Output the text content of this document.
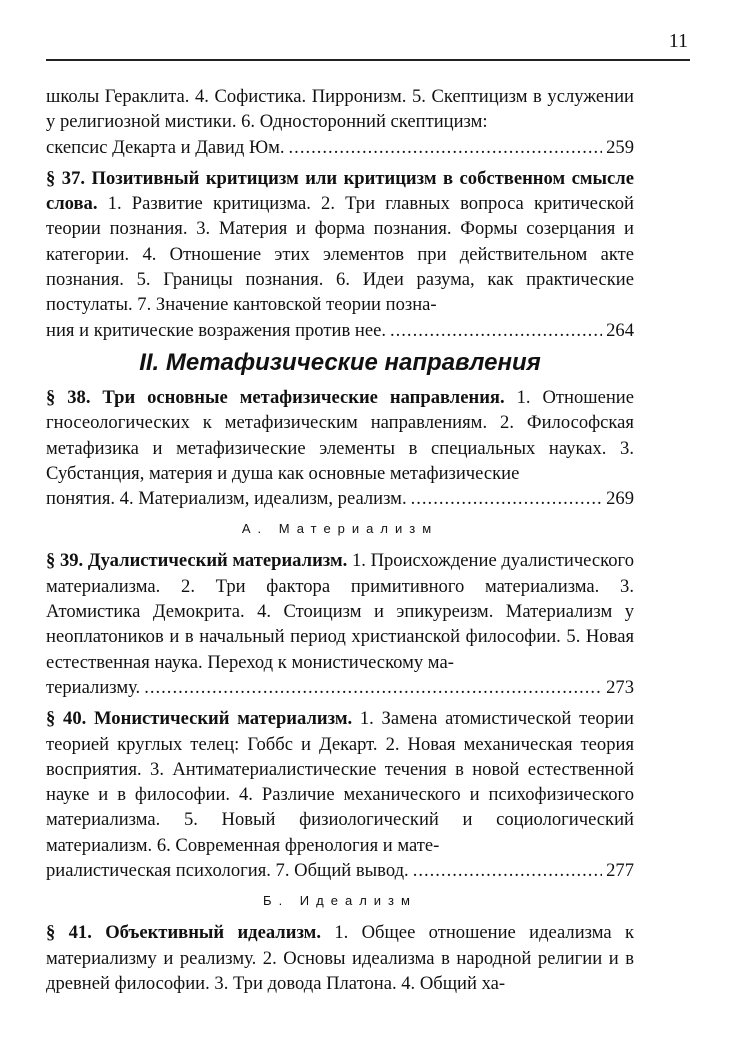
11
школы Гераклита. 4. Софистика. Пирронизм. 5. Скептицизм в услужении у религиозной мистики. 6. Односторонний скептицизм:
скепсис Декарта и Давид Юм. .....	259
§ 37. Позитивный критицизм или критицизм в собственном смысле слова. 1. Развитие критицизма. 2. Три главных вопроса критической теории познания. 3. Материя и форма познания. Формы созерцания и категории. 4. Отношение этих элементов при действительном акте познания. 5. Границы познания. 6. Идеи разума, как практические постулаты. 7. Значение кантовской теории позна-
ния и критические возражения против нее. .....	264
II. Метафизические направления
§ 38. Три основные метафизические направления. 1. Отношение гносеологических к метафизическим направлениям. 2. Философская метафизика и метафизические элементы в специальных науках. 3. Субстанция, материя и душа как основные метафизические
понятия. 4. Материализм, идеализм, реализм. .....	269
А. Материализм
§ 39. Дуалистический материализм. 1. Происхождение дуалистического материализма. 2. Три фактора примитивного материализма. 3. Атомистика Демокрита. 4. Стоицизм и эпикуреизм. Материализм у неоплатоников и в начальный период христианской философии. 5. Новая естественная наука. Переход к монистическому ма-
териализму. .....	273
§ 40. Монистический материализм. 1. Замена атомистической теории теорией круглых телец: Гоббс и Декарт. 2. Новая механическая теория восприятия. 3. Антиматериалистические течения в новой естественной науке и в философии. 4. Различие механического и психофизического материализма. 5. Новый физиологический и социологический материализм. 6. Современная френология и мате-
риалистическая психология. 7. Общий вывод. .....	277
Б. Идеализм
§ 41. Объективный идеализм. 1. Общее отношение идеализма к материализму и реализму. 2. Основы идеализма в народной религии и в древней философии. 3. Три довода Платона. 4. Общий ха-
